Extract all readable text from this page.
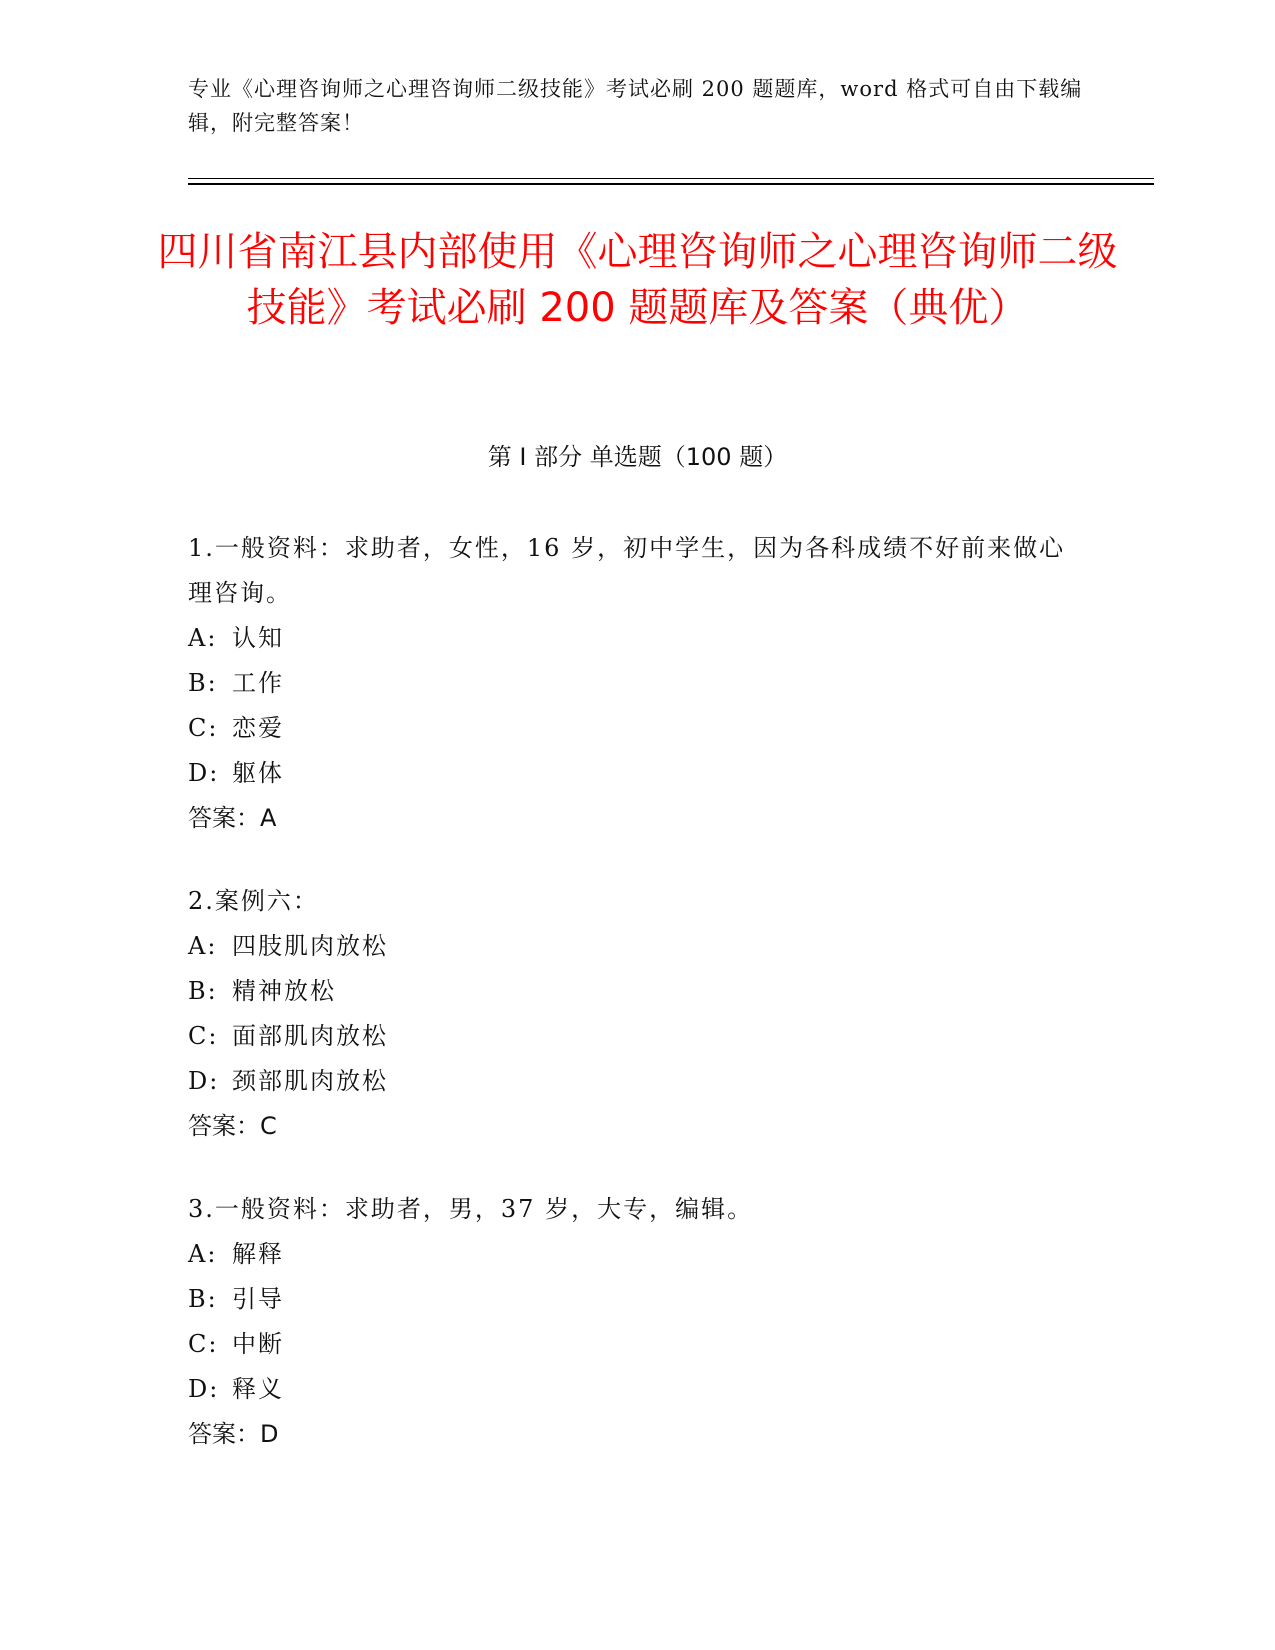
专业《心理咨询师之心理咨询师二级技能》考试必刷 200 题题库，word 格式可自由下载编辑，附完整答案！
四川省南江县内部使用《心理咨询师之心理咨询师二级技能》考试必刷 200 题题库及答案（典优）
第 I 部分 单选题（100 题）
1.一般资料：求助者，女性，16 岁，初中学生，因为各科成绩不好前来做心理咨询。
A: 认知
B: 工作
C: 恋爱
D: 躯体
答案：A
2.案例六：
A: 四肢肌肉放松
B: 精神放松
C: 面部肌肉放松
D: 颈部肌肉放松
答案：C
3.一般资料：求助者，男，37 岁，大专，编辑。
A: 解释
B: 引导
C: 中断
D: 释义
答案：D
